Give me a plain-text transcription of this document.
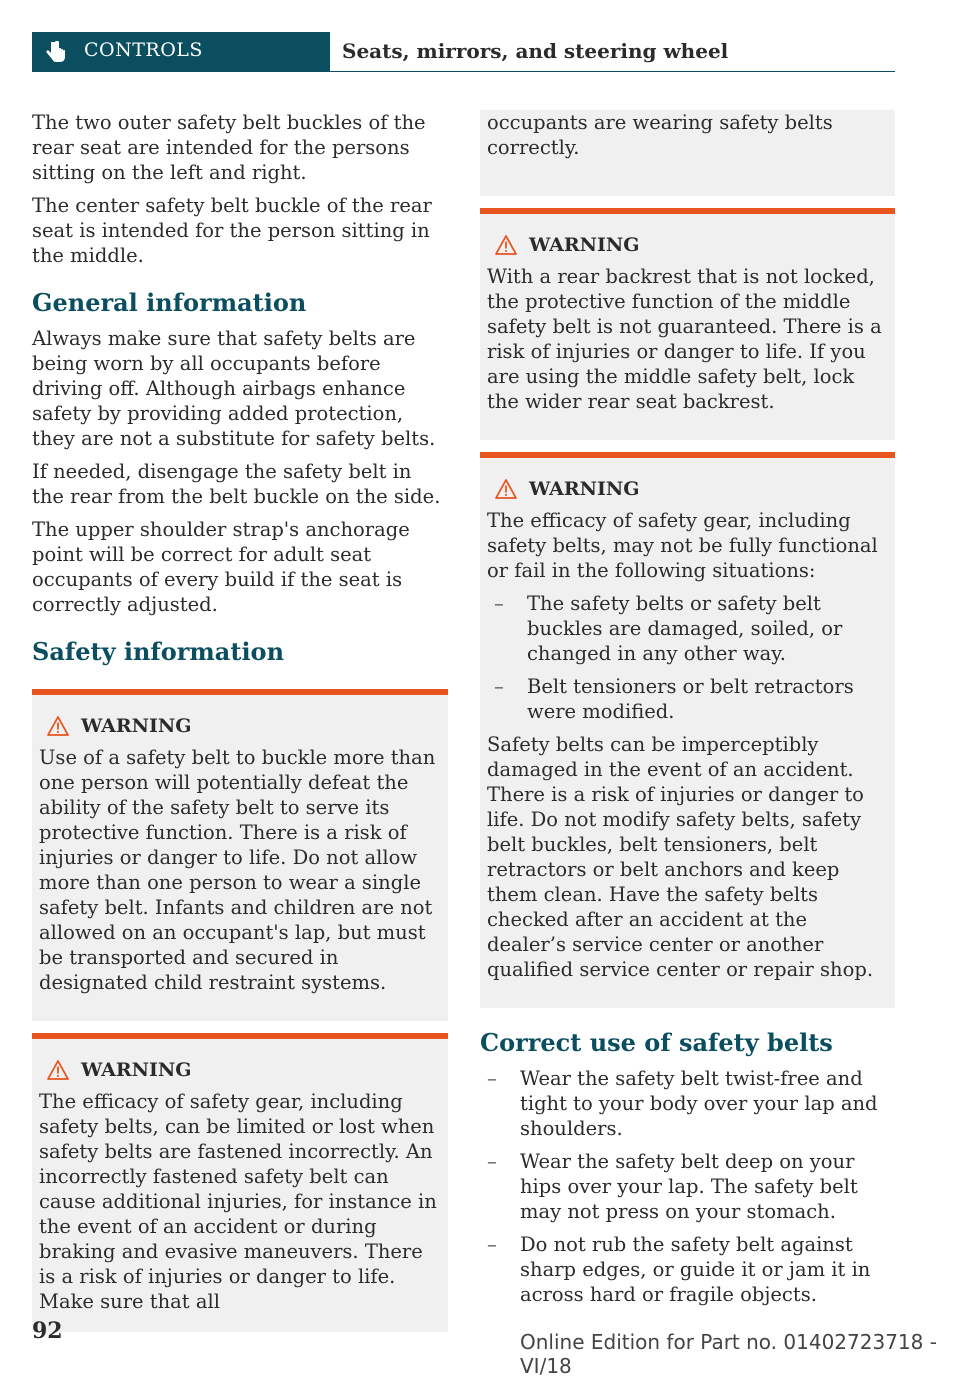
CONTROLS	Seats, mirrors, and steering wheel

The two outer safety belt buckles of the rear seat are intended for the persons sitting on the left and right.

The center safety belt buckle of the rear seat is intended for the person sitting in the middle.

General information

Always make sure that safety belts are being worn by all occupants before driving off. Although airbags enhance safety by providing added protection, they are not a substitute for safety belts.

If needed, disengage the safety belt in the rear from the belt buckle on the side.

The upper shoulder strap's anchorage point will be correct for adult seat occupants of every build if the seat is correctly adjusted.

Safety information
WARNING

Use of a safety belt to buckle more than one person will potentially defeat the ability of the safety belt to serve its protective function. There is a risk of injuries or danger to life. Do not allow more than one person to wear a single safety belt. Infants and children are not allowed on an occupant's lap, but must be transported and secured in designated child restraint systems.

WARNING

The efficacy of safety gear, including safety belts, can be limited or lost when safety belts are fastened incorrectly. An incorrectly fastened safety belt can cause additional injuries, for instance in the event of an accident or during braking and evasive maneuvers. There is a risk of injuries or danger to life. Make sure that all

occupants are wearing safety belts correctly.

WARNING

With a rear backrest that is not locked, the protective function of the middle safety belt is not guaranteed. There is a risk of injuries or danger to life. If you are using the middle safety belt, lock the wider rear seat backrest.

WARNING

The efficacy of safety gear, including safety belts, may not be fully functional or fail in the following situations:

– The safety belts or safety belt buckles are damaged, soiled, or changed in any other way.
– Belt tensioners or belt retractors were modified.

Safety belts can be imperceptibly damaged in the event of an accident. There is a risk of injuries or danger to life. Do not modify safety belts, safety belt buckles, belt tensioners, belt retractors or belt anchors and keep them clean. Have the safety belts checked after an accident at the dealer’s service center or another qualified service center or repair shop.

Correct use of safety belts
– Wear the safety belt twist-free and tight to your body over your lap and shoulders.
– Wear the safety belt deep on your hips over your lap. The safety belt may not press on your stomach.
– Do not rub the safety belt against sharp edges, or guide it or jam it in across hard or fragile objects.
92	Online Edition for Part no. 01402723718 - VI/18
